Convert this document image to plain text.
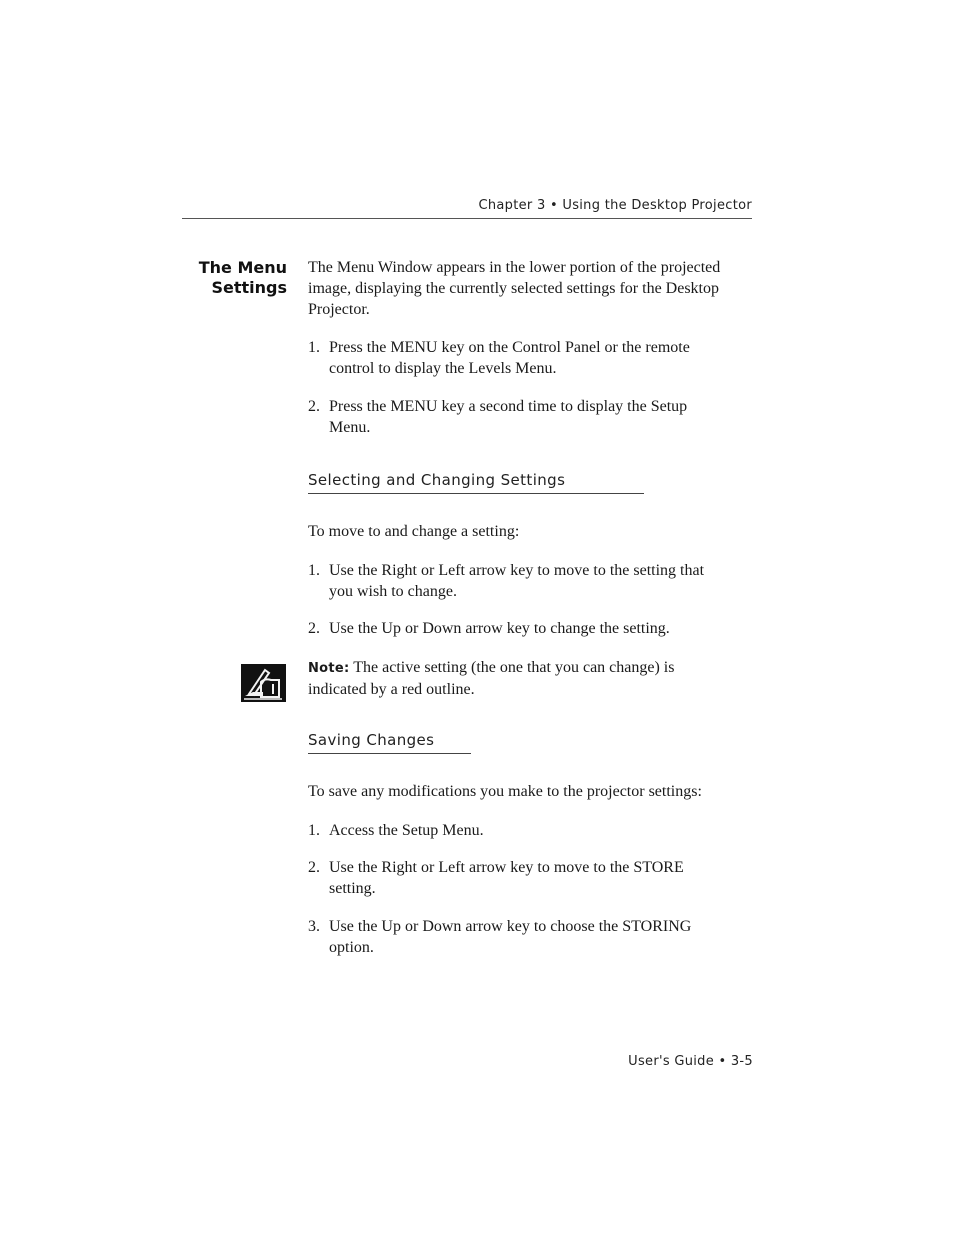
Chapter 3 • Using the Desktop Projector
The Menu
Settings
The Menu Window appears in the lower portion of the projected image, displaying the currently selected settings for the Desktop Projector.
1. Press the MENU key on the Control Panel or the remote control to display the Levels Menu.
2. Press the MENU key a second time to display the Setup Menu.
Selecting and Changing Settings
To move to and change a setting:
1. Use the Right or Left arrow key to move to the setting that you wish to change.
2. Use the Up or Down arrow key to change the setting.
Note: The active setting (the one that you can change) is indicated by a red outline.
Saving Changes
To save any modifications you make to the projector settings:
1. Access the Setup Menu.
2. Use the Right or Left arrow key to move to the STORE setting.
3. Use the Up or Down arrow key to choose the STORING option.
User's Guide • 3-5
